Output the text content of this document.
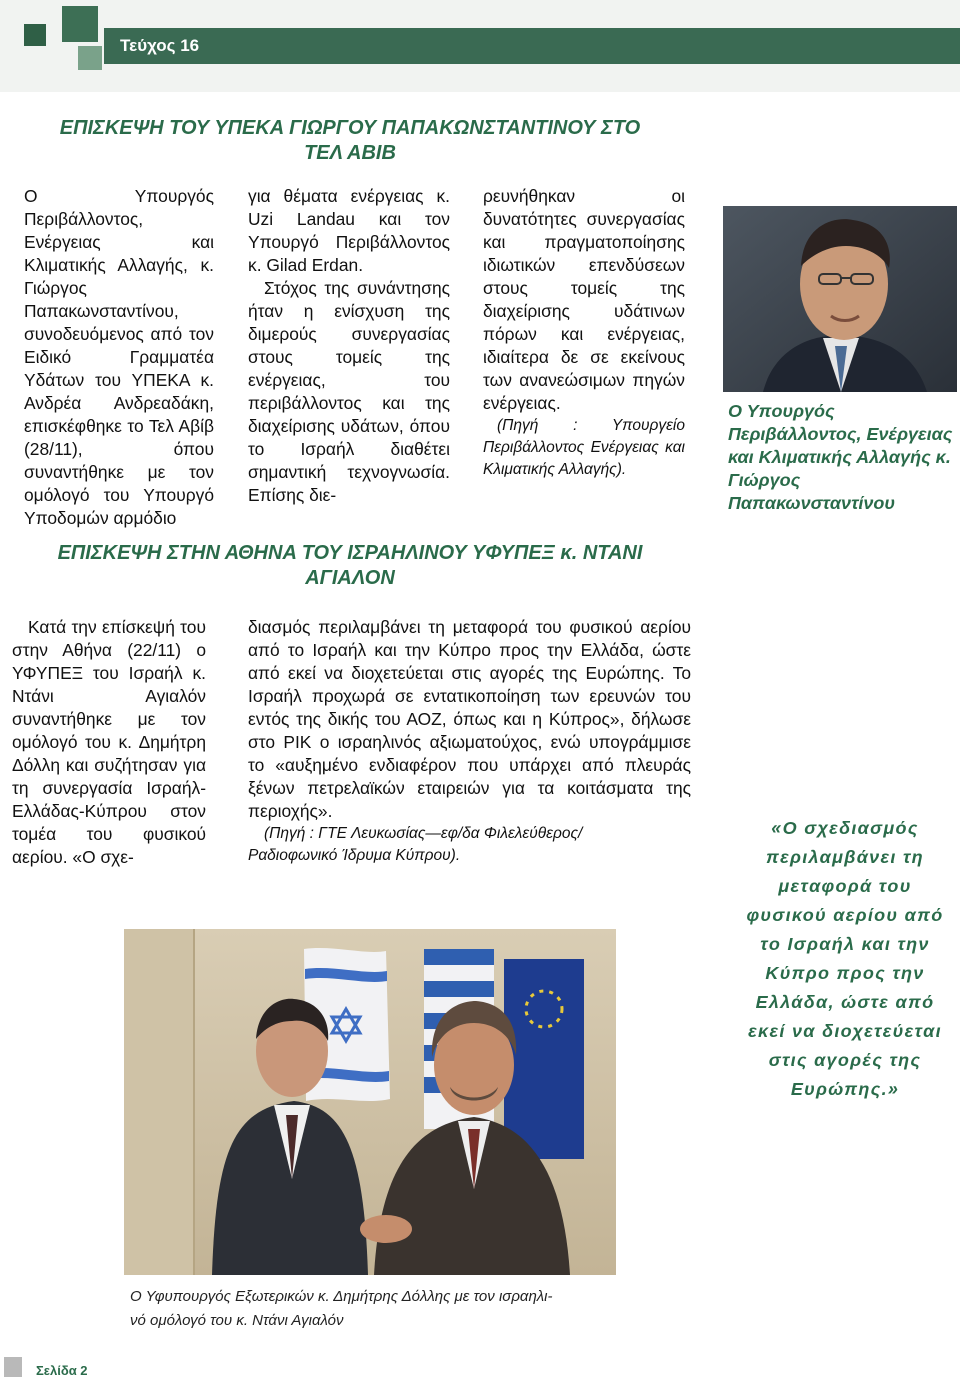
Τεύχος 16
ΕΠΙΣΚΕΨΗ ΤΟΥ ΥΠΕΚΑ ΓΙΩΡΓΟΥ ΠΑΠΑΚΩΝΣΤΑΝΤΙΝΟΥ ΣΤΟ
ΤΕΛ ΑΒΙΒ
Ο Υπουργός Περιβάλλοντος, Ενέργειας και Κλιματικής Αλλαγής, κ. Γιώργος Παπακωνσταντίνου, συνοδευόμενος από τον Ειδικό Γραμματέα Υδάτων του ΥΠΕΚΑ κ. Ανδρέα Ανδρεαδάκη, επισκέφθηκε το Τελ Αβίβ (28/11), όπου συναντήθηκε με τον ομόλογό του Υπουργό Υποδομών αρμόδιο
για θέματα ενέργειας κ. Uzi Landau και τον Υπουργό Περιβάλλοντος κ. Gilad Erdan.
Στόχος της συνάντησης ήταν η ενίσχυση της διμερούς συνεργασίας στους τομείς της ενέργειας, του περιβάλλοντος και της διαχείρισης υδάτων, όπου το Ισραήλ διαθέτει σημαντική τεχνογνωσία. Επίσης διε-
ρευνήθηκαν οι δυνατότητες συνεργασίας και πραγματοποίησης ιδιωτικών επενδύσεων στους τομείς της διαχείρισης υδάτινων πόρων και ενέργειας, ιδιαίτερα δε σε εκείνους των ανανεώσιμων πηγών ενέργειας.
(Πηγή : Υπουργείο Περιβάλλοντος Ενέργειας και Κλιματικής Αλλαγής).
Ο Υπουργός Περιβάλλοντος, Ενέργειας και Κλιματικής Αλλαγής κ. Γιώργος Παπακωνσταντίνου
ΕΠΙΣΚΕΨΗ ΣΤΗΝ ΑΘΗΝΑ ΤΟΥ ΙΣΡΑΗΛΙΝΟΥ ΥΦΥΠΕΞ κ. ΝΤΑΝΙ
ΑΓΙΑΛΟΝ
Κατά την επίσκεψή του στην Αθήνα (22/11) ο ΥΦΥΠΕΞ του Ισραήλ κ. Ντάνι Αγιαλόν συναντήθηκε με τον ομόλογό του κ. Δημήτρη Δόλλη και συζήτησαν για τη συνεργασία Ισραήλ-Ελλάδας-Κύπρου στον τομέα του φυσικού αερίου. «Ο σχε-
διασμός περιλαμβάνει τη μεταφορά του φυσικού αερίου από το Ισραήλ και την Κύπρο προς την Ελλάδα, ώστε από εκεί να διοχετεύεται στις αγορές της Ευρώπης. Το Ισραήλ προχωρά σε εντατικοποίηση των ερευνών του εντός της δικής του ΑΟΖ, όπως και η Κύπρος», δήλωσε στο ΡΙΚ ο ισραηλινός αξιωματούχος, ενώ υπογράμμισε το «αυξημένο ενδιαφέρον που υπάρχει από πλευράς ξένων πετρελαϊκών εταιρειών για τα κοιτάσματα της περιοχής».
(Πηγή : ΓΤΕ Λευκωσίας—εφ/δα Φιλελεύθερος/
Ραδιοφωνικό Ίδρυμα Κύπρου).
«Ο σχεδιασμός περιλαμβάνει τη μεταφορά του φυσικού αερίου από το Ισραήλ και την Κύπρο προς την Ελλάδα, ώστε από εκεί να διοχετεύεται στις αγορές της Ευρώπης.»
Ο Υφυπουργός Εξωτερικών κ. Δημήτρης Δόλλης με τον ισραηλι-
νό ομόλογό του κ. Ντάνι Αγιαλόν
Σελίδα 2
